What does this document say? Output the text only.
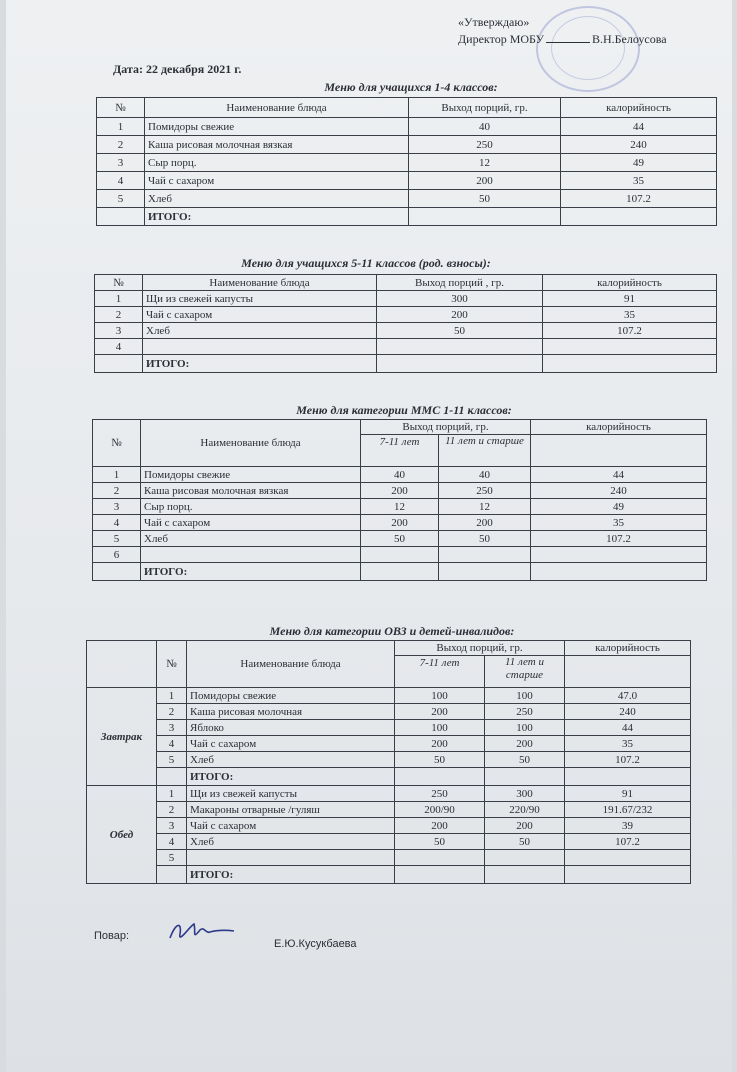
«Утверждаю»
Директор МОБУ	В.Н.Белоусова
Дата: 22 декабря 2021 г.
Меню для учащихся 1-4 классов:
№	Наименование блюда	Выход порций, гр.	калорийность
1	Помидоры свежие	40	44
2	Каша рисовая молочная вязкая	250	240
3	Сыр порц.	12	49
4	Чай с сахаром	200	35
5	Хлеб	50	107.2
	ИТОГО:		
Меню для учащихся 5-11 классов (род. взносы):
№	Наименование блюда	Выход порций , гр.	калорийность
1	Щи из свежей капусты	300	91
2	Чай с сахаром	200	35
3	Хлеб	50	107.2
4			
	ИТОГО:		
Меню для категории ММС 1-11 классов:
№	Наименование блюда	Выход порций, гр.		калорийность
		7-11 лет	11 лет и старше	
1	Помидоры свежие	40	40	44
2	Каша рисовая молочная вязкая	200	250	240
3	Сыр порц.	12	12	49
4	Чай с сахаром	200	200	35
5	Хлеб	50	50	107.2
6				
	ИТОГО:			
Меню для категории ОВЗ и детей-инвалидов:
	№	Наименование блюда	Выход порций, гр.		калорийность
			7-11 лет	11 лет и старше	
Завтрак	1	Помидоры свежие	100	100	47.0
	2	Каша рисовая молочная	200	250	240
	3	Яблоко	100	100	44
	4	Чай с сахаром	200	200	35
	5	Хлеб	50	50	107.2
		ИТОГО:			
Обед	1	Щи из свежей капусты	250	300	91
	2	Макароны отварные /гуляш	200/90	220/90	191.67/232
	3	Чай с сахаром	200	200	39
	4	Хлеб	50	50	107.2
	5				
		ИТОГО:			
Повар:
Е.Ю.Кусукбаева
